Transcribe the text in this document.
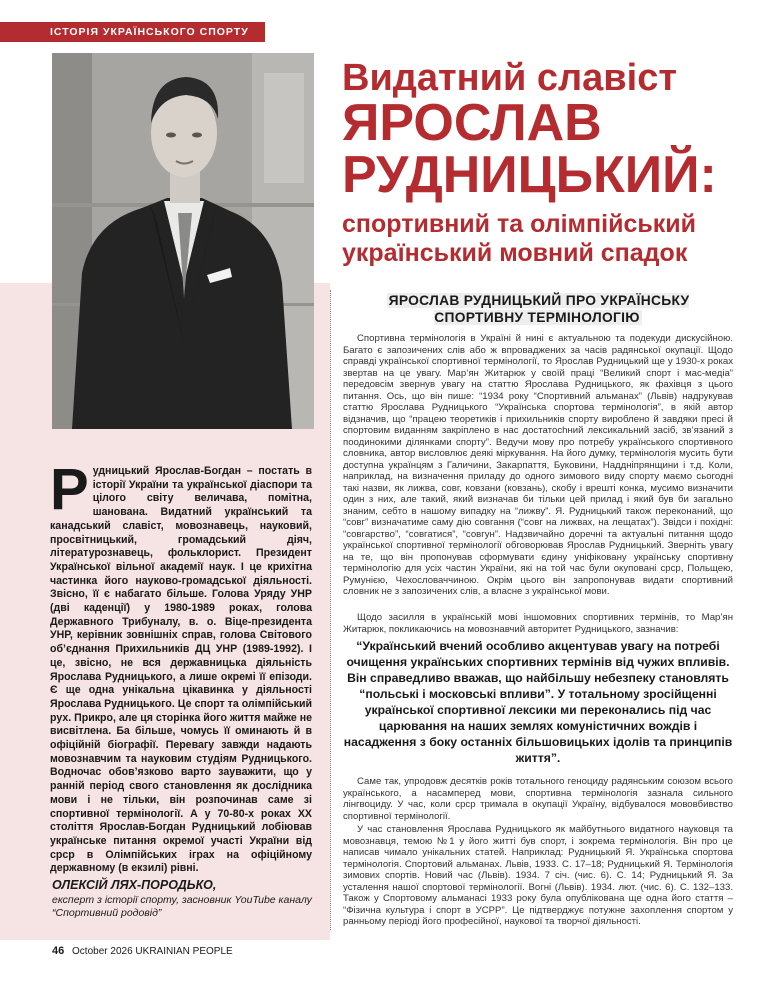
ІСТОРІЯ УКРАЇНСЬКОГО СПОРТУ
Видатний славіст
ЯРОСЛАВ
РУДНИЦЬКИЙ:
спортивний та олімпійський український мовний спадок
Р удницький Ярослав-Богдан – постать в історії України та української діаспори та цілого світу величава, помітна, шанована. Видатний український та канадський славіст, мовознавець, науковий, просвітницький, громадський діяч, літературознавець, фольклорист. Президент Української вільної академії наук. І це крихітна частинка його науково-громадської діяльності. Звісно, її є набагато більше. Голова Уряду УНР (дві каденції) у 1980-1989 роках, голова Державного Трибуналу, в. о. Віце-президента УНР, керівник зовнішніх справ, голова Світового об’єднання Прихильників ДЦ УНР (1989-1992). І це, звісно, не вся державницька діяльність Ярослава Рудницького, а лише окремі її епізоди. Є ще одна унікальна цікавинка у діяльності Ярослава Рудницького. Це спорт та олімпійський рух. Прикро, але ця сторінка його життя майже не висвітлена. Ба більше, чомусь її оминають й в офіційній біографії. Перевагу завжди надають мовознавчим та науковим студіям Рудницького. Водночас обов’язково варто зауважити, що у ранній період свого становлення як дослідника мови і не тільки, він розпочинав саме зі спортивної термінології. А у 70-80-х роках XX століття Ярослав-Богдан Рудницький лобіював українське питання окремої участі України від срср в Олімпійських іграх на офіційному державному (в екзилі) рівні.

ОЛЕКСІЙ ЛЯХ-ПОРОДЬКО,
експерт з історії спорту, засновник YouTube каналу “Спортивний родовід”
ЯРОСЛАВ РУДНИЦЬКИЙ ПРО УКРАЇНСЬКУ СПОРТИВНУ ТЕРМІНОЛОГІЮ

Спортивна термінологія в Україні й нині є актуальною та подекуди дискусійною. Багато є запозичених слів або ж впроваджених за часів радянської окупації. Щодо справді української спортивної термінології, то Ярослав Рудницький ще у 1930-х роках звертав на це увагу. Мар’ян Житарюк у своїй праці “Великий спорт і мас-медіа” передовсім звернув увагу на статтю Ярослава Рудницького, як фахівця з цього питання. Ось, що він пише: “1934 року “Спортивний альманах” (Львів) надрукував статтю Ярослава Рудницького “Українська спортова термінологія”, в якій автор відзначив, що “працею теоретиків і прихильників спорту вироблено й завдяки пресі й спортовим виданням закріплено в нас достатochний лексикальний засіб, зв’язаний з поодинокими ділянками спорту”. Ведучи мову про потребу українського спортивного словника, автор висловлює деякі міркування. На його думку, термінологія мусить бути доступна українцям з Галичини, Закарпаття, Буковини, Наддніпрянщини і т.д. Коли, наприклад, на визначення приладу до одного зимового виду спорту маємо сьогодні такі назви, як лижва, совг, ковзани (ковзань), скобу і врешті конка, мусимо визначити один з них, але такий, який визначав би тільки цей прилад і який був би загально знаним, себто в нашому випадку на “лижву”. Я. Рудницький також переконаний, що “совг” визначатиме саму дію совгання (“совг на лижвах, на лещатах”). Звідси і похідні: “совгарство”, “совгатися”, “совгун”. Надзвичайно доречні та актуальні питання щодо української спортивної термінології обговорював Ярослав Рудницький. Зверніть увагу на те, що він пропонував сформувати єдину уніфіковану українську спортивну термінологію для усіх частин України, які на той час були окуповані срср, Польщею, Румунією, Чехословаччиною. Окрім цього він запропонував видати спортивний словник не з запозичених слів, а власне з української мови.

Щодо засилля в українській мові іншомовних спортивних термінів, то Мар’ян Житарюк, покликаючись на мовознавчий авторитет Рудницького, зазначив:

“Український вчений особливо акцентував увагу на потребі очищення українських спортивних термінів від чужих впливів. Він справедливо вважав, що найбільшу небезпеку становлять “польські і московські впливи”. У тотальному зросійщенні української спортивної лексики ми переконались під час царювання на наших землях комуністичних вождів і насадження з боку останніх більшовицьких ідолів та принципів життя”.

Саме так, упродовж десятків років тотального геноциду радянським союзом всього українського, а насамперед мови, спортивна термінологія зазнала сильного лінгвоциду. У час, коли срср тримала в окупації Україну, відбувалося мововбивство спортивної термінології.

У час становлення Ярослава Рудницького як майбутнього видатного науковця та мовознавця, темою №1 у його житті був спорт, і зокрема термінологія. Він про це написав чимало унікальних статей. Наприклад: Рудницький Я. Українська спортова термінологія. Спортовий альманах. Львів, 1933. С. 17–18; Рудницький Я. Термінологія зимових спортів. Новий час (Львів). 1934. 7 січ. (чис. 6). С. 14; Рудницький Я. За усталення нашої спортової термінології. Вогні (Львів). 1934. лют. (чис. 6). С. 132–133. Також у Спортовому альманасі 1933 року була опублікована ще одна його стаття – “Фізична культура і спорт в УСРР”. Це підтверджує потужне захоплення спортом у ранньому періоді його професійної, наукової та творчої діяльності.

46 October 2026 UKRAINIAN PEOPLE
